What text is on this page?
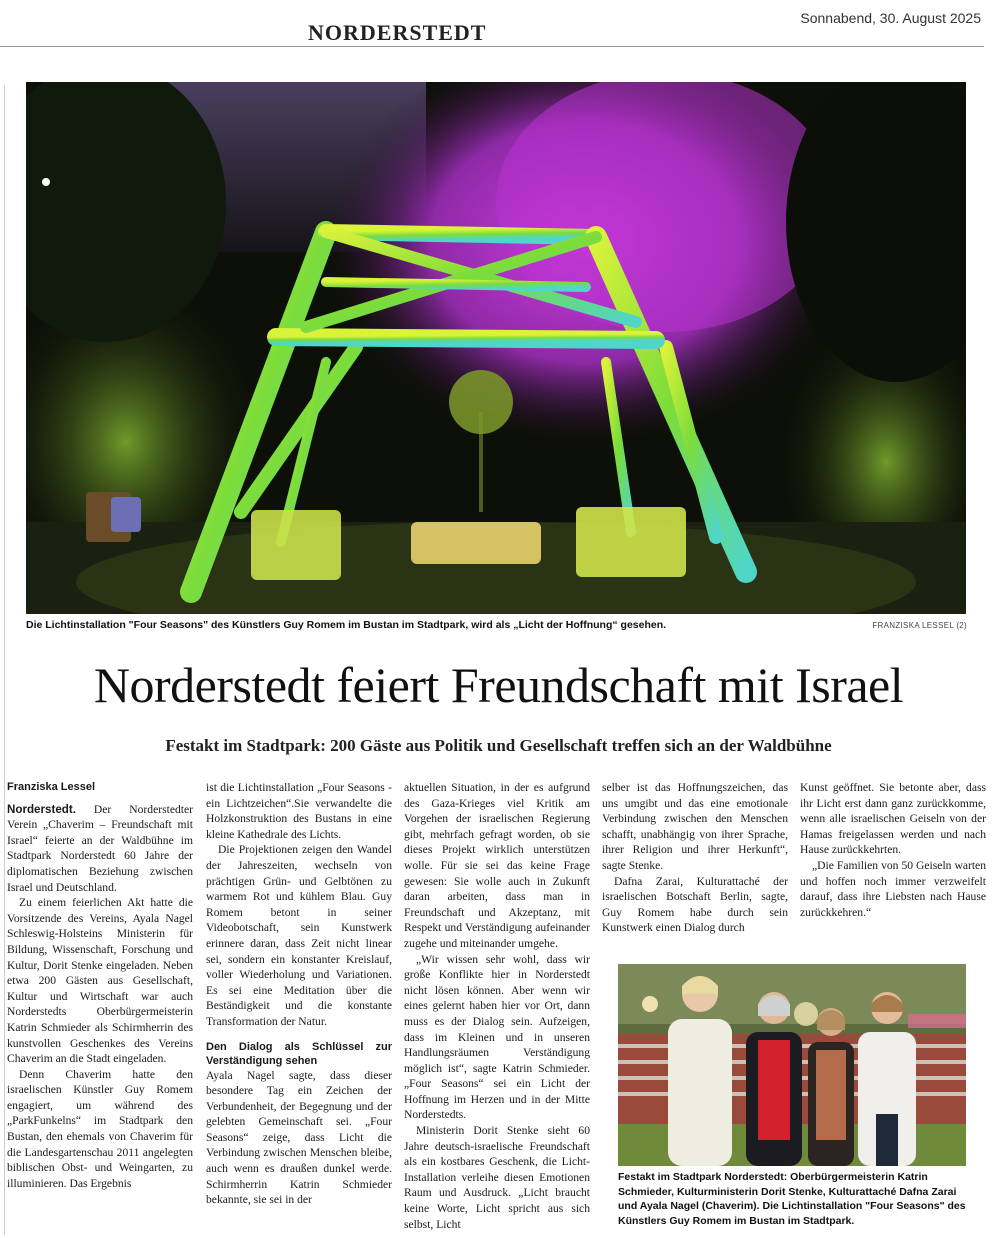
NORDERSTEDT
Sonnabend, 30. August 2025
Die Lichtinstallation "Four Seasons" des Künstlers Guy Romem im Bustan im Stadtpark, wird als „Licht der Hoffnung“ gesehen.	FRANZISKA LESSEL (2)
Norderstedt feiert Freundschaft mit Israel
Festakt im Stadtpark: 200 Gäste aus Politik und Gesellschaft treffen sich an der Waldbühne
Franziska Lessel

Norderstedt. Der Norderstedter Verein „Chaverim – Freundschaft mit Israel“ feierte an der Waldbühne im Stadtpark Norderstedt 60 Jahre der diplomatischen Beziehung zwischen Israel und Deutschland.

Zu einem feierlichen Akt hatte die Vorsitzende des Vereins, Ayala Nagel Schleswig-Holsteins Ministerin für Bildung, Wissenschaft, Forschung und Kultur, Dorit Stenke eingeladen. Neben etwa 200 Gästen aus Gesellschaft, Kultur und Wirtschaft war auch Norderstedts Oberbürgermeisterin Katrin Schmieder als Schirmherrin des kunstvollen Geschenkes des Vereins Chaverim an die Stadt eingeladen.

Denn Chaverim hatte den israelischen Künstler Guy Romem engagiert, um während des „ParkFunkelns“ im Stadtpark den Bustan, den ehemals von Chaverim für die Landesgartenschau 2011 angelegten biblischen Obst- und Weingarten, zu illuminieren. Das Ergebnis

ist die Lichtinstallation „Four Seasons - ein Lichtzeichen“.Sie verwandelte die Holzkonstruktion des Bustans in eine kleine Kathedrale des Lichts.

Die Projektionen zeigen den Wandel der Jahreszeiten, wechseln von prächtigen Grün- und Gelbtönen zu warmem Rot und kühlem Blau. Guy Romem betont in seiner Videobotschaft, sein Kunstwerk erinnere daran, dass Zeit nicht linear sei, sondern ein konstanter Kreislauf, voller Wiederholung und Variationen. Es sei eine Meditation über die Beständigkeit und die konstante Transformation der Natur.

Den Dialog als Schlüssel zur Verständigung sehen

Ayala Nagel sagte, dass dieser besondere Tag ein Zeichen der Verbundenheit, der Begegnung und der gelebten Gemeinschaft sei. „Four Seasons“ zeige, dass Licht die Verbindung zwischen Menschen bleibe, auch wenn es draußen dunkel werde. Schirmherrin Katrin Schmieder bekannte, sie sei in der

aktuellen Situation, in der es aufgrund des Gaza-Krieges viel Kritik am Vorgehen der israelischen Regierung gibt, mehrfach gefragt worden, ob sie dieses Projekt wirklich unterstützen wolle. Für sie sei das keine Frage gewesen: Sie wolle auch in Zukunft daran arbeiten, dass man in Freundschaft und Akzeptanz, mit Respekt und Verständigung aufeinander zugehe und miteinander umgehe.

„Wir wissen sehr wohl, dass wir große Konflikte hier in Norderstedt nicht lösen können. Aber wenn wir eines gelernt haben hier vor Ort, dann muss es der Dialog sein. Aufzeigen, dass im Kleinen und in unseren Handlungsräumen Verständigung möglich ist“, sagte Katrin Schmieder. „Four Seasons“ sei ein Licht der Hoffnung im Herzen und in der Mitte Norderstedts.

Ministerin Dorit Stenke sieht 60 Jahre deutsch-israelische Freundschaft als ein kostbares Geschenk, die Licht-Installation verleihe diesen Emotionen Raum und Ausdruck. „Licht braucht keine Worte, Licht spricht aus sich selbst, Licht

selber ist das Hoffnungszeichen, das uns umgibt und das eine emotionale Verbindung zwischen den Menschen schafft, unabhängig von ihrer Sprache, ihrer Religion und ihrer Herkunft“, sagte Stenke.

Dafna Zarai, Kulturattaché der israelischen Botschaft Berlin, sagte, Guy Romem habe durch sein Kunstwerk einen Dialog durch

Kunst geöffnet. Sie betonte aber, dass ihr Licht erst dann ganz zurückkomme, wenn alle israelischen Geiseln von der Hamas freigelassen werden und nach Hause zurückkehrten.

„Die Familien von 50 Geiseln warten und hoffen noch immer verzweifelt darauf, dass ihre Liebsten nach Hause zurückkehren.“

Festakt im Stadtpark Norderstedt: Oberbürgermeisterin Katrin Schmieder, Kulturministerin Dorit Stenke, Kulturattaché Dafna Zarai und Ayala Nagel (Chaverim). Die Lichtinstallation "Four Seasons" des Künstlers Guy Romem im Bustan im Stadtpark.
